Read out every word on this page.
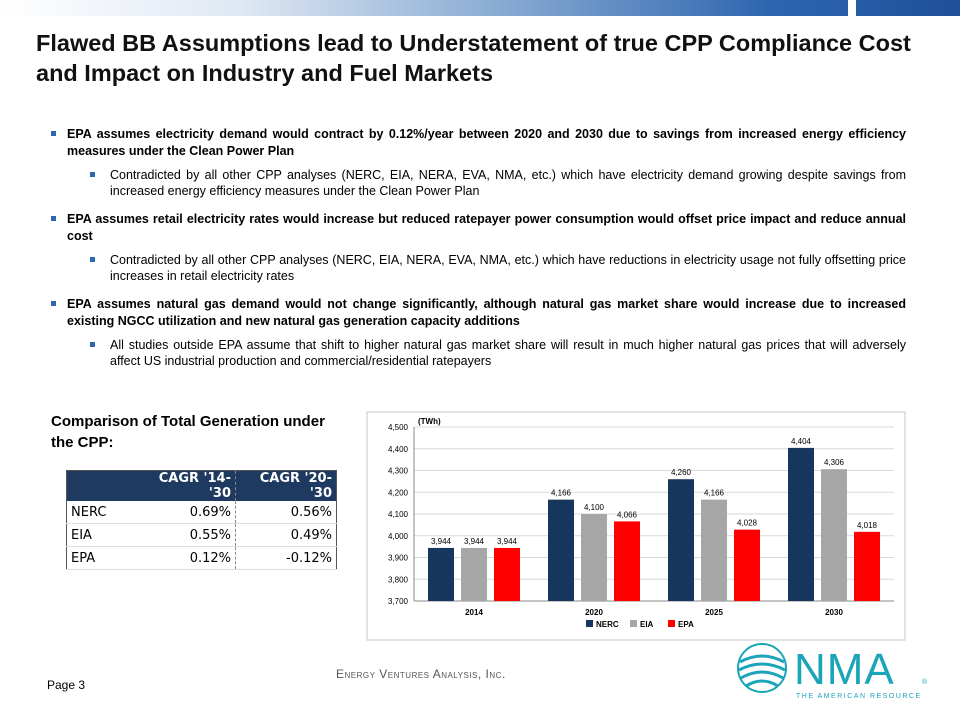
Flawed BB Assumptions lead to Understatement of true CPP Compliance Cost and Impact on Industry and Fuel Markets
EPA assumes electricity demand would contract by 0.12%/year between 2020 and 2030 due to savings from increased energy efficiency measures under the Clean Power Plan
Contradicted by all other CPP analyses (NERC, EIA, NERA, EVA, NMA, etc.) which have electricity demand growing despite savings from increased energy efficiency measures under the Clean Power Plan
EPA assumes retail electricity rates would increase but reduced ratepayer power consumption would offset price impact and reduce annual cost
Contradicted by all other CPP analyses (NERC, EIA, NERA, EVA, NMA, etc.) which have reductions in electricity usage not fully offsetting price increases in retail electricity rates
EPA assumes natural gas demand would not change significantly, although natural gas market share would increase due to increased existing NGCC utilization and new natural gas generation capacity additions
All studies outside EPA assume that shift to higher natural gas market share will result in much higher natural gas prices that will adversely affect US industrial production and commercial/residential ratepayers
Comparison of Total Generation under the CPP:
	CAGR '14-'30	CAGR '20-'30
NERC	0.69%	0.56%
EIA	0.55%	0.49%
EPA	0.12%	-0.12%
(TWh)
3,700
3,800
3,900
4,000
4,100
4,200
4,300
4,400
4,500
3,944 3,944 3,944
2014
4,166
4,100
4,066
2020
4,260
4,166
4,028
2025
4,404
4,306
4,018
2030
NERC	EIA	EPA
Energy Ventures Analysis, Inc.
Page 3	NMA	®
THE AMERICAN RESOURCE
